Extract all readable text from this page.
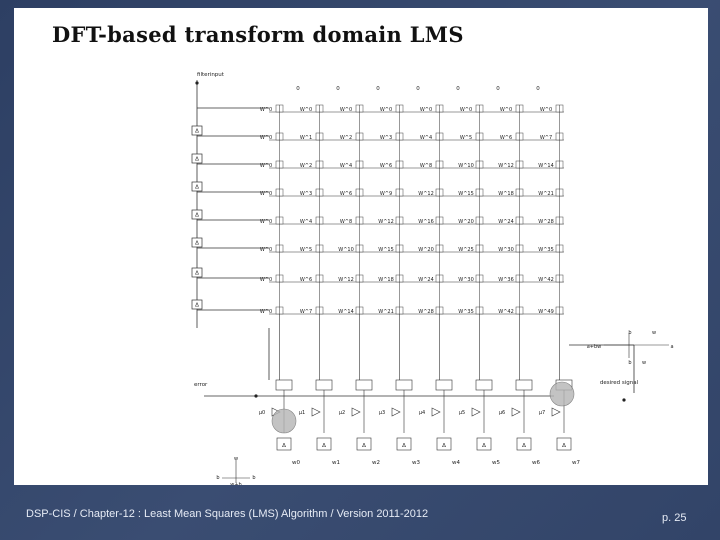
DFT-based transform domain LMS
filterinput
0	0	0	0	0	0	0
Δ
Δ
Δ
Δ
Δ
Δ
Δ
W^0	W^0	W^0	W^0	W^0	W^0	W^0	W^0
W^0	W^1	W^2	W^3	W^4	W^5	W^6	W^7
W^0	W^2	W^4	W^6	W^8	W^10	W^12	W^14
W^0	W^3	W^6	W^9	W^12	W^15	W^18	W^21
W^0	W^4	W^8	W^12	W^16	W^20	W^24	W^28
W^0	W^5	W^10	W^15	W^20	W^25	W^30	W^35
W^0	W^6	W^12	W^18	W^24	W^30	W^36	W^42
W^0	W^7	W^14	W^21	W^28	W^35	W^42	W^49
μ0
Δ
w0
μ1
Δ
w1
μ2
Δ
w2
μ3
Δ
w3
μ4
Δ
w4
μ5
Δ
w5
μ6
Δ
w6
μ7
Δ
w7
error	desired signal
b	w
a+bw	a
b w
w
b	b
w+b
DSP-CIS / Chapter-12 : Least Mean Squares (LMS) Algorithm / Version 2011-2012	p. 25
